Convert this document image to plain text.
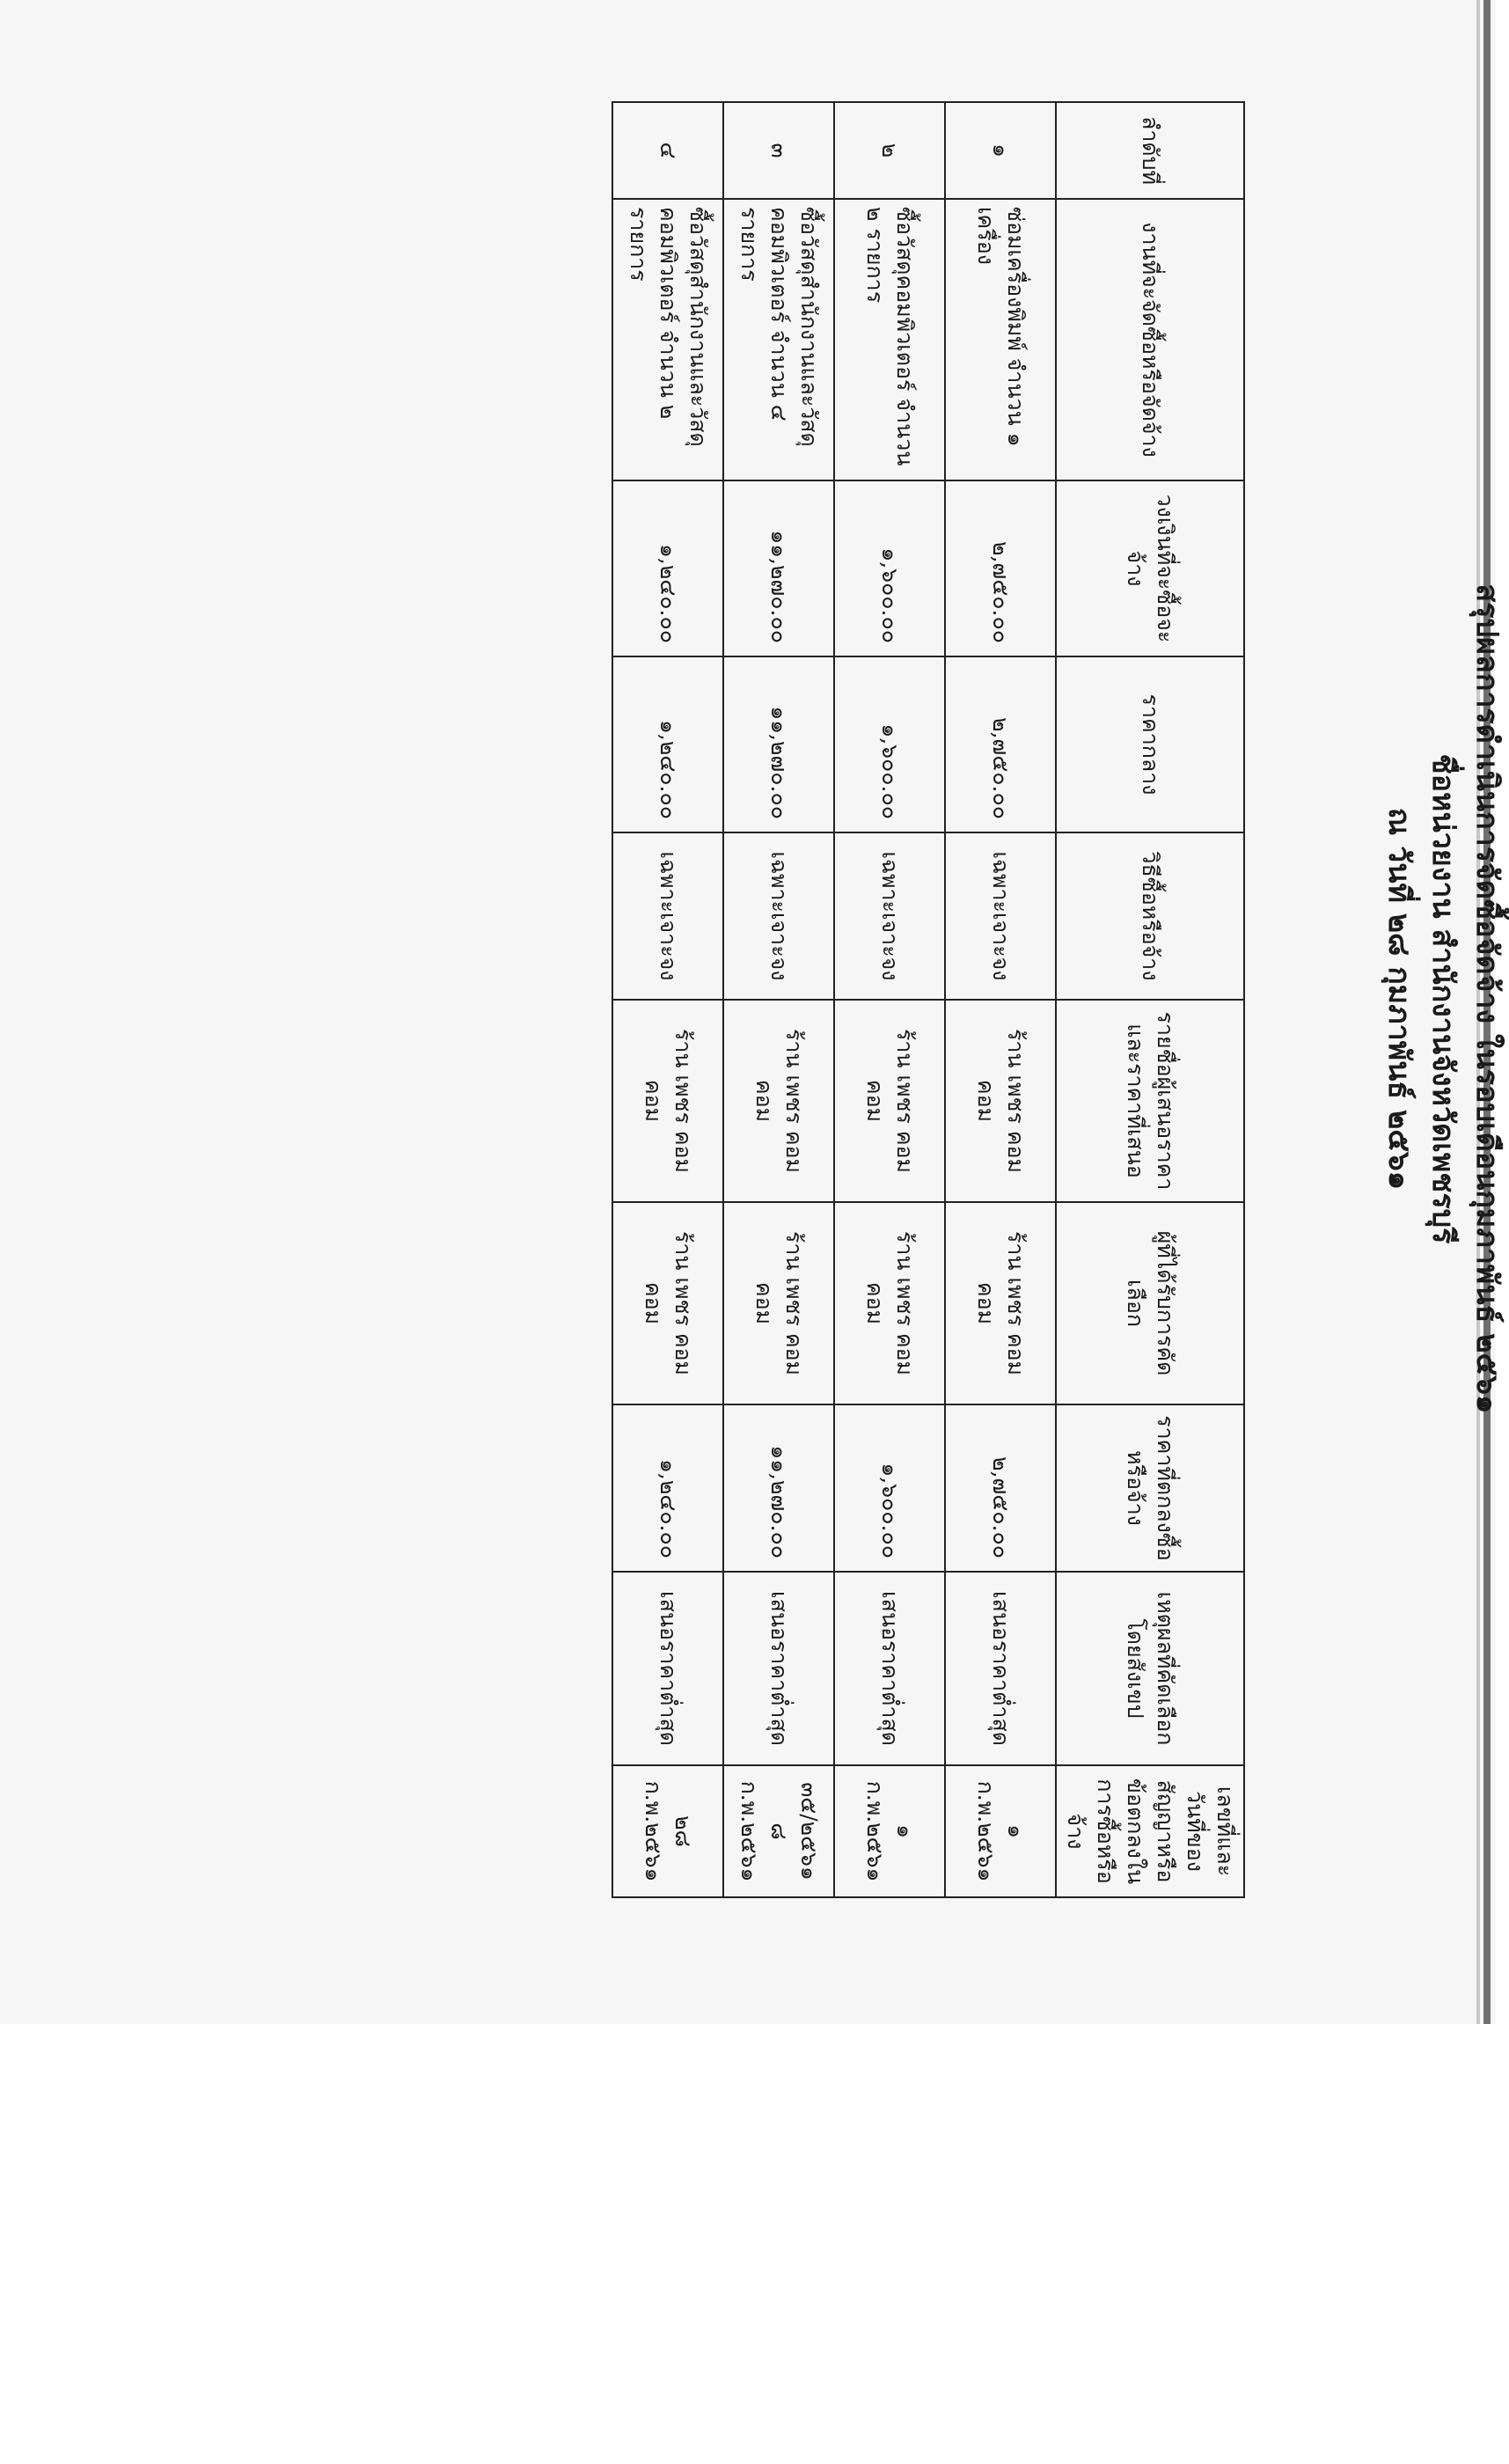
สรุปผลการดำเนินการจัดซื้อจัดจ้าง ในรอบเดือนกุมภาพันธ์ ๒๕๖๑
ชื่อหน่วยงาน สำนักงานจังหวัดเพชรบุรี
ณ วันที่ ๒๘ กุมภาพันธ์ ๒๕๖๑
ลำดับที่	งานที่จะจัดซื้อหรือจัดจ้าง	วงเงินที่จะซื้อจะจ้าง	ราคากลาง	วิธีซื้อหรือจ้าง	รายชื่อผู้เสนอราคาและราคาที่เสนอ	ผู้ที่ได้รับการคัดเลือก	ราคาที่ตกลงซื้อหรือจ้าง	เหตุผลที่คัดเลือกโดยสังเขป	เลขที่และวันที่ของสัญญาหรือข้อตกลงในการซื้อหรือจ้าง
๑	ซ่อมเครื่องพิมพ์ จำนวน ๑ เครื่อง	๒,๗๕๐.๐๐	๒,๗๕๐.๐๐	เฉพาะเจาะจง	ร้าน เพชร คอมคอม	ร้าน เพชร คอมคอม	๒,๗๕๐.๐๐	เสนอราคาต่ำสุด	๑ ก.พ.๒๕๖๑
๒	ซื้อวัสดุคอมพิวเตอร์ จำนวน ๒ รายการ	๑,๖๐๐.๐๐	๑,๖๐๐.๐๐	เฉพาะเจาะจง	ร้าน เพชร คอมคอม	ร้าน เพชร คอมคอม	๑,๖๐๐.๐๐	เสนอราคาต่ำสุด	๑ ก.พ.๒๕๖๑
๓	ซื้อวัสดุสำนักงานและวัสดุคอมพิวเตอร์ จำนวน ๔ รายการ	๑๑,๒๗๐.๐๐	๑๑,๒๗๐.๐๐	เฉพาะเจาะจง	ร้าน เพชร คอมคอม	ร้าน เพชร คอมคอม	๑๑,๒๗๐.๐๐	เสนอราคาต่ำสุด	๓๕/๒๕๖๑ ๘ ก.พ.๒๕๖๑
๔	ซื้อวัสดุสำนักงานและวัสดุคอมพิวเตอร์ จำนวน ๒ รายการ	๑,๒๔๐.๐๐	๑,๒๔๐.๐๐	เฉพาะเจาะจง	ร้าน เพชร คอมคอม	ร้าน เพชร คอมคอม	๑,๒๔๐.๐๐	เสนอราคาต่ำสุด	๒๘ ก.พ.๒๕๖๑
